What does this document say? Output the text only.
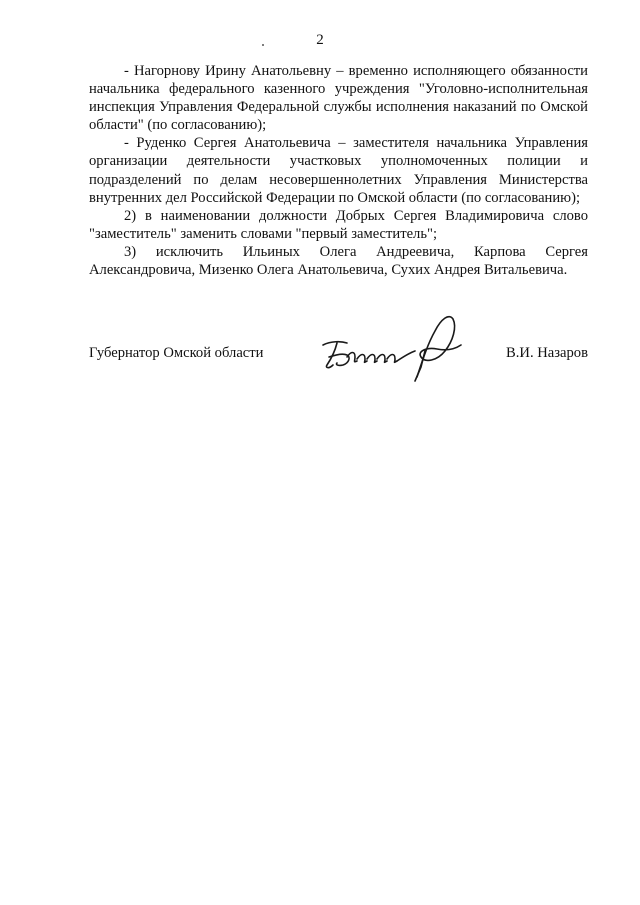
2

- Нагорнову Ирину Анатольевну – временно исполняющего обязанности начальника федерального казенного учреждения "Уголовно-исполнительная инспекция Управления Федеральной службы исполнения наказаний по Омской области" (по согласованию);

- Руденко Сергея Анатольевича – заместителя начальника Управления организации деятельности участковых уполномоченных полиции и подразделений по делам несовершеннолетних Управления Министерства внутренних дел Российской Федерации по Омской области (по согласованию);

2) в наименовании должности Добрых Сергея Владимировича слово "заместитель" заменить словами "первый заместитель";

3) исключить Ильиных Олега Андреевича, Карпова Сергея Александровича, Мизенко Олега Анатольевича, Сухих Андрея Витальевича.

Губернатор Омской области	В.И. Назаров
